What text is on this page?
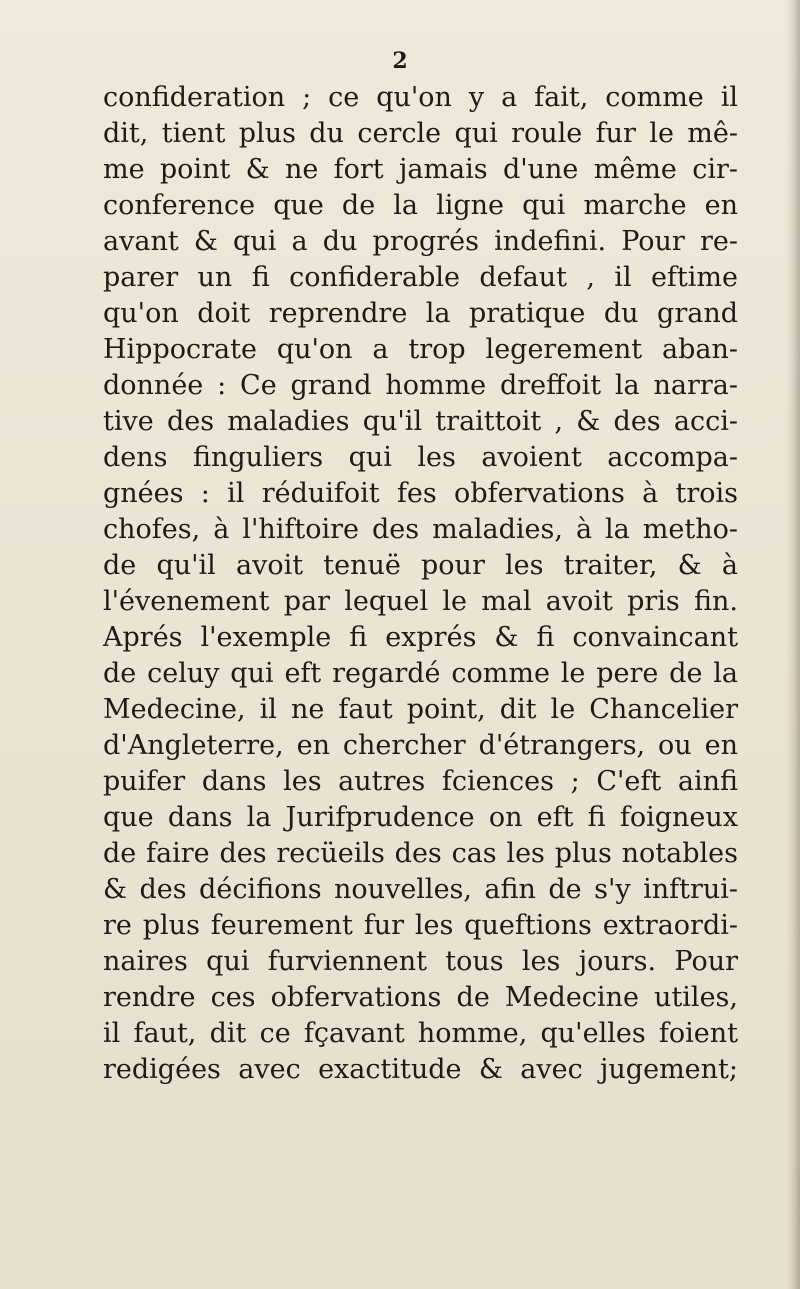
2
confideration ; ce qu'on y a fait, comme il
dit, tient plus du cercle qui roule fur le mê-
me point & ne fort jamais d'une même cir-
conference que de la ligne qui marche en
avant & qui a du progrés indefini. Pour re-
parer un fi confiderable defaut , il eftime
qu'on doit reprendre la pratique du grand
Hippocrate qu'on a trop legerement aban-
donnée : Ce grand homme dreffoit la narra-
tive des maladies qu'il traittoit , & des acci-
dens finguliers qui les avoient accompa-
gnées : il réduifoit fes obfervations à trois
chofes, à l'hiftoire des maladies, à la metho-
de qu'il avoit tenuë pour les traiter, & à
l'évenement par lequel le mal avoit pris fin.
Aprés l'exemple fi exprés & fi convaincant
de celuy qui eft regardé comme le pere de la
Medecine, il ne faut point, dit le Chancelier
d'Angleterre, en chercher d'étrangers, ou en
puifer dans les autres fciences ; C'eft ainfi
que dans la Jurifprudence on eft fi foigneux
de faire des recüeils des cas les plus notables
& des décifions nouvelles, afin de s'y inftrui-
re plus feurement fur les queftions extraordi-
naires qui furviennent tous les jours. Pour
rendre ces obfervations de Medecine utiles,
il faut, dit ce fçavant homme, qu'elles foient
redigées avec exactitude & avec jugement;
